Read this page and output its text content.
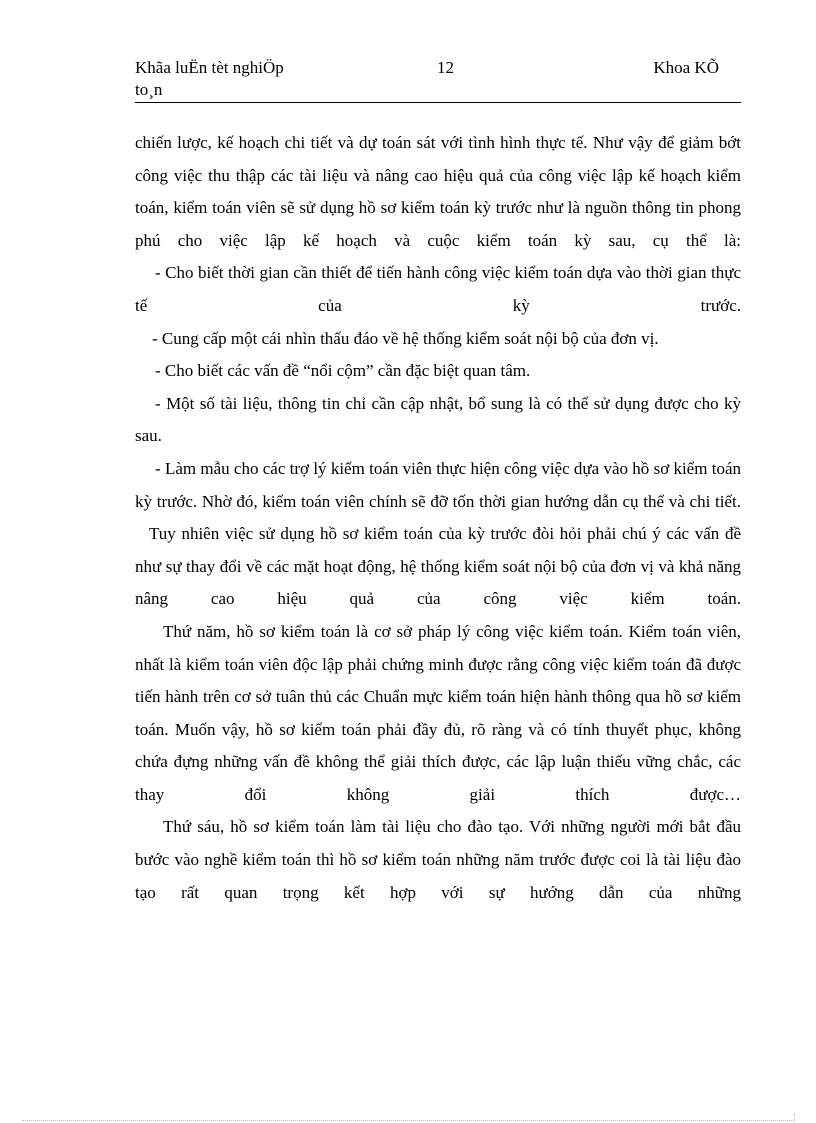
Khãa luËn tèt nghiÖp
to¸n
12	Khoa KÕ

chiến lược, kế hoạch chi tiết và dự toán sát với tình hình thực tế. Như vậy để giảm bớt công việc thu thập các tài liệu và nâng cao hiệu quả của công việc lập kế hoạch kiểm toán, kiểm toán viên sẽ sử dụng hồ sơ kiểm toán kỳ trước như là nguồn thông tin phong phú cho việc lập kế hoạch và cuộc kiểm toán kỳ sau, cụ thể là:

- Cho biết thời gian cần thiết để tiến hành công việc kiểm toán dựa vào thời gian thực tế của kỳ trước.

- Cung cấp một cái nhìn thấu đáo về hệ thống kiểm soát nội bộ của đơn vị.

- Cho biết các vấn đề “nổi cộm” cần đặc biệt quan tâm.

- Một số tài liệu, thông tin chỉ cần cập nhật, bổ sung là có thể sử dụng được cho kỳ sau.

- Làm mẫu cho các trợ lý kiểm toán viên thực hiện công việc dựa vào hồ sơ kiểm toán kỳ trước. Nhờ đó, kiểm toán viên chính sẽ đỡ tốn thời gian hướng dẫn cụ thể và chi tiết.

Tuy nhiên việc sử dụng hồ sơ kiểm toán của kỳ trước đòi hỏi phải chú ý các vấn đề như sự thay đổi về các mặt hoạt động, hệ thống kiểm soát nội bộ của đơn vị và khả năng nâng cao hiệu quả của công việc kiểm toán.

Thứ năm, hồ sơ kiểm toán là cơ sở pháp lý công việc kiểm toán. Kiểm toán viên, nhất là kiểm toán viên độc lập phải chứng minh được rằng công việc kiểm toán đã được tiến hành trên cơ sở tuân thủ các Chuẩn mực kiểm toán hiện hành thông qua hồ sơ kiểm toán. Muốn vậy, hồ sơ kiểm toán phải đầy đủ, rõ ràng và có tính thuyết phục, không chứa đựng những vấn đề không thể giải thích được, các lập luận thiếu vững chắc, các thay đổi không giải thích được…

Thứ sáu, hồ sơ kiểm toán làm tài liệu cho đào tạo. Với những người mới bắt đầu bước vào nghề kiểm toán thì hồ sơ kiểm toán những năm trước được coi là tài liệu đào tạo rất quan trọng kết hợp với sự hướng dẫn của những
